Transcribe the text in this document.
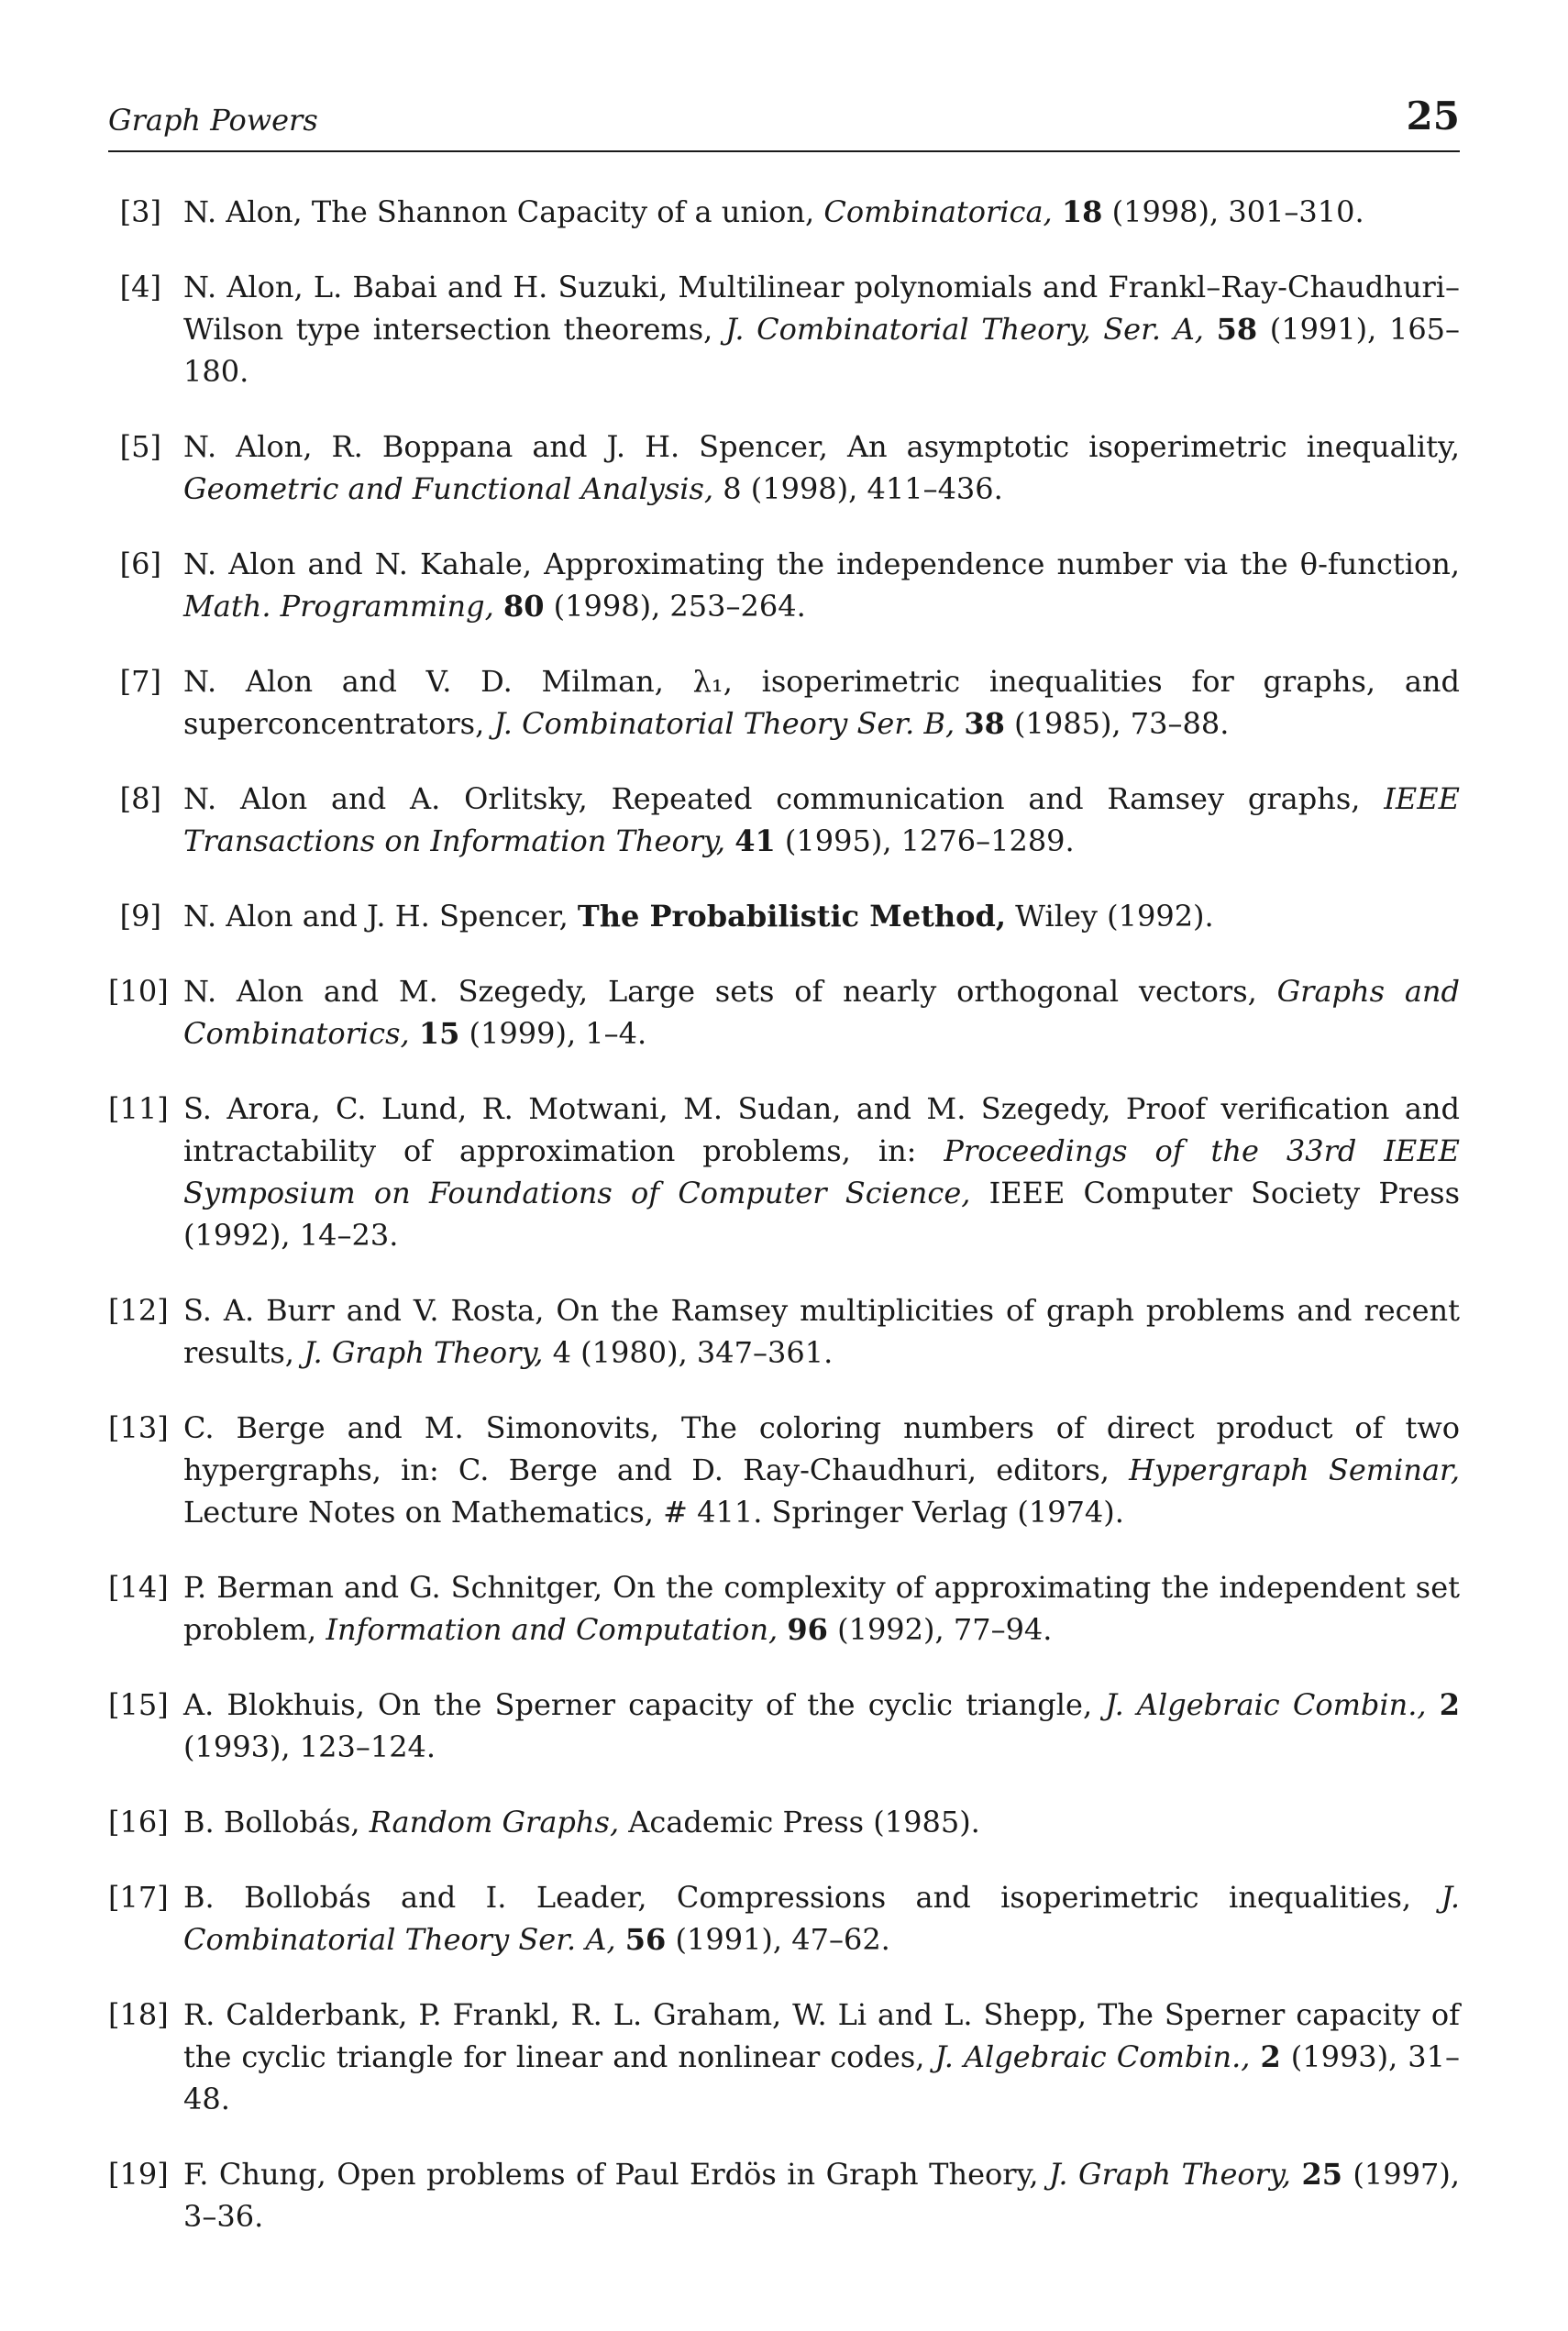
Graph Powers	25
[3] N. Alon, The Shannon Capacity of a union, Combinatorica, 18 (1998), 301–310.
[4] N. Alon, L. Babai and H. Suzuki, Multilinear polynomials and Frankl–Ray-Chaudhuri–Wilson type intersection theorems, J. Combinatorial Theory, Ser. A, 58 (1991), 165–180.
[5] N. Alon, R. Boppana and J. H. Spencer, An asymptotic isoperimetric inequality, Geometric and Functional Analysis, 8 (1998), 411–436.
[6] N. Alon and N. Kahale, Approximating the independence number via the θ-function, Math. Programming, 80 (1998), 253–264.
[7] N. Alon and V. D. Milman, λ₁, isoperimetric inequalities for graphs, and superconcentrators, J. Combinatorial Theory Ser. B, 38 (1985), 73–88.
[8] N. Alon and A. Orlitsky, Repeated communication and Ramsey graphs, IEEE Transactions on Information Theory, 41 (1995), 1276–1289.
[9] N. Alon and J. H. Spencer, The Probabilistic Method, Wiley (1992).
[10] N. Alon and M. Szegedy, Large sets of nearly orthogonal vectors, Graphs and Combinatorics, 15 (1999), 1–4.
[11] S. Arora, C. Lund, R. Motwani, M. Sudan, and M. Szegedy, Proof verification and intractability of approximation problems, in: Proceedings of the 33rd IEEE Symposium on Foundations of Computer Science, IEEE Computer Society Press (1992), 14–23.
[12] S. A. Burr and V. Rosta, On the Ramsey multiplicities of graph problems and recent results, J. Graph Theory, 4 (1980), 347–361.
[13] C. Berge and M. Simonovits, The coloring numbers of direct product of two hypergraphs, in: C. Berge and D. Ray-Chaudhuri, editors, Hypergraph Seminar, Lecture Notes on Mathematics, # 411. Springer Verlag (1974).
[14] P. Berman and G. Schnitger, On the complexity of approximating the independent set problem, Information and Computation, 96 (1992), 77–94.
[15] A. Blokhuis, On the Sperner capacity of the cyclic triangle, J. Algebraic Combin., 2 (1993), 123–124.
[16] B. Bollobás, Random Graphs, Academic Press (1985).
[17] B. Bollobás and I. Leader, Compressions and isoperimetric inequalities, J. Combinatorial Theory Ser. A, 56 (1991), 47–62.
[18] R. Calderbank, P. Frankl, R. L. Graham, W. Li and L. Shepp, The Sperner capacity of the cyclic triangle for linear and nonlinear codes, J. Algebraic Combin., 2 (1993), 31–48.
[19] F. Chung, Open problems of Paul Erdös in Graph Theory, J. Graph Theory, 25 (1997), 3–36.
